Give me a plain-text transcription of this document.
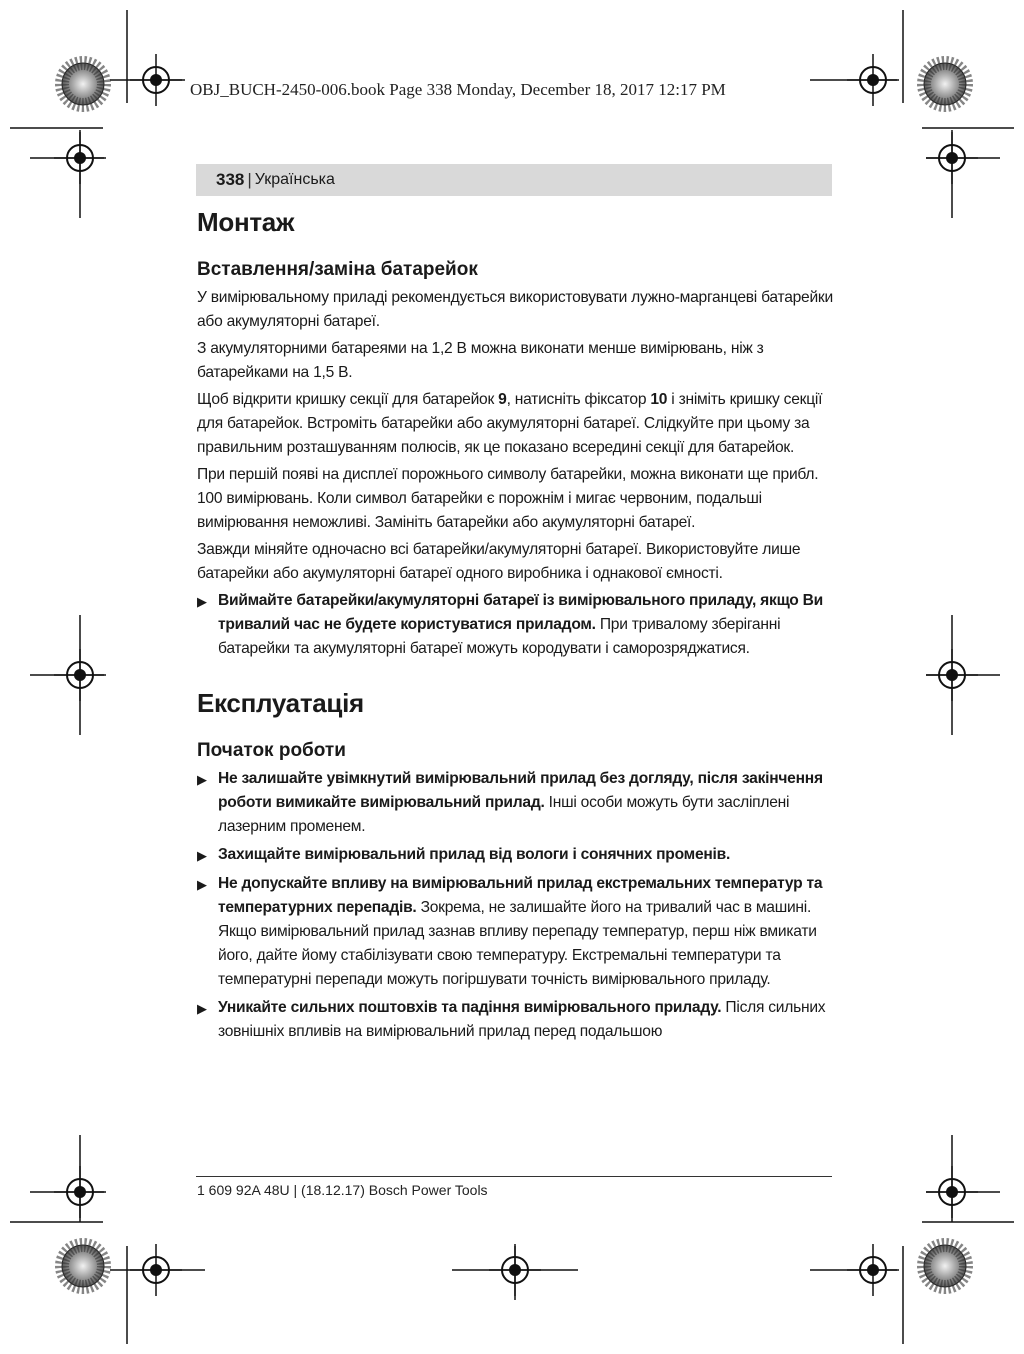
OBJ_BUCH-2450-006.book Page 338 Monday, December 18, 2017 12:17 PM
338 | Українська
Монтаж
Вставлення/заміна батарейок

У вимірювальному приладі рекомендується використовувати лужно-марганцеві батарейки або акумуляторні батареї.

З акумуляторними батареями на 1,2 В можна виконати менше вимірювань, ніж з батарейками на 1,5 В.

Щоб відкрити кришку секції для батарейок 9, натисніть фіксатор 10 і зніміть кришку секції для батарейок. Встроміть батарейки або акумуляторні батареї. Слідкуйте при цьому за правильним розташуванням полюсів, як це показано всередині секції для батарейок.

При першій появі на дисплеї порожнього символу батарейки, можна виконати ще прибл. 100 вимірювань. Коли символ батарейки є порожнім і мигає червоним, подальші вимірювання неможливі. Замініть батарейки або акумуляторні батареї.

Завжди міняйте одночасно всі батарейки/акумуляторні батареї. Використовуйте лише батарейки або акумуляторні батареї одного виробника і однакової ємності.

▶ Виймайте батарейки/акумуляторні батареї із вимірювального приладу, якщо Ви тривалий час не будете користуватися приладом. При тривалому зберіганні батарейки та акумуляторні батареї можуть кородувати і саморозряджатися.
Експлуатація
Початок роботи
▶ Не залишайте увімкнутий вимірювальний прилад без догляду, після закінчення роботи вимикайте вимірювальний прилад. Інші особи можуть бути засліплені лазерним променем.
▶ Захищайте вимірювальний прилад від вологи і сонячних променів.
▶ Не допускайте впливу на вимірювальний прилад екстремальних температур та температурних перепадів. Зокрема, не залишайте його на тривалий час в машині. Якщо вимірювальний прилад зазнав впливу перепаду температур, перш ніж вмикати його, дайте йому стабілізувати свою температуру. Екстремальні температури та температурні перепади можуть погіршувати точність вимірювального приладу.
▶ Уникайте сильних поштовхів та падіння вимірювального приладу. Після сильних зовнішніх впливів на вимірювальний прилад перед подальшою
1 609 92A 48U | (18.12.17) Bosch Power Tools
